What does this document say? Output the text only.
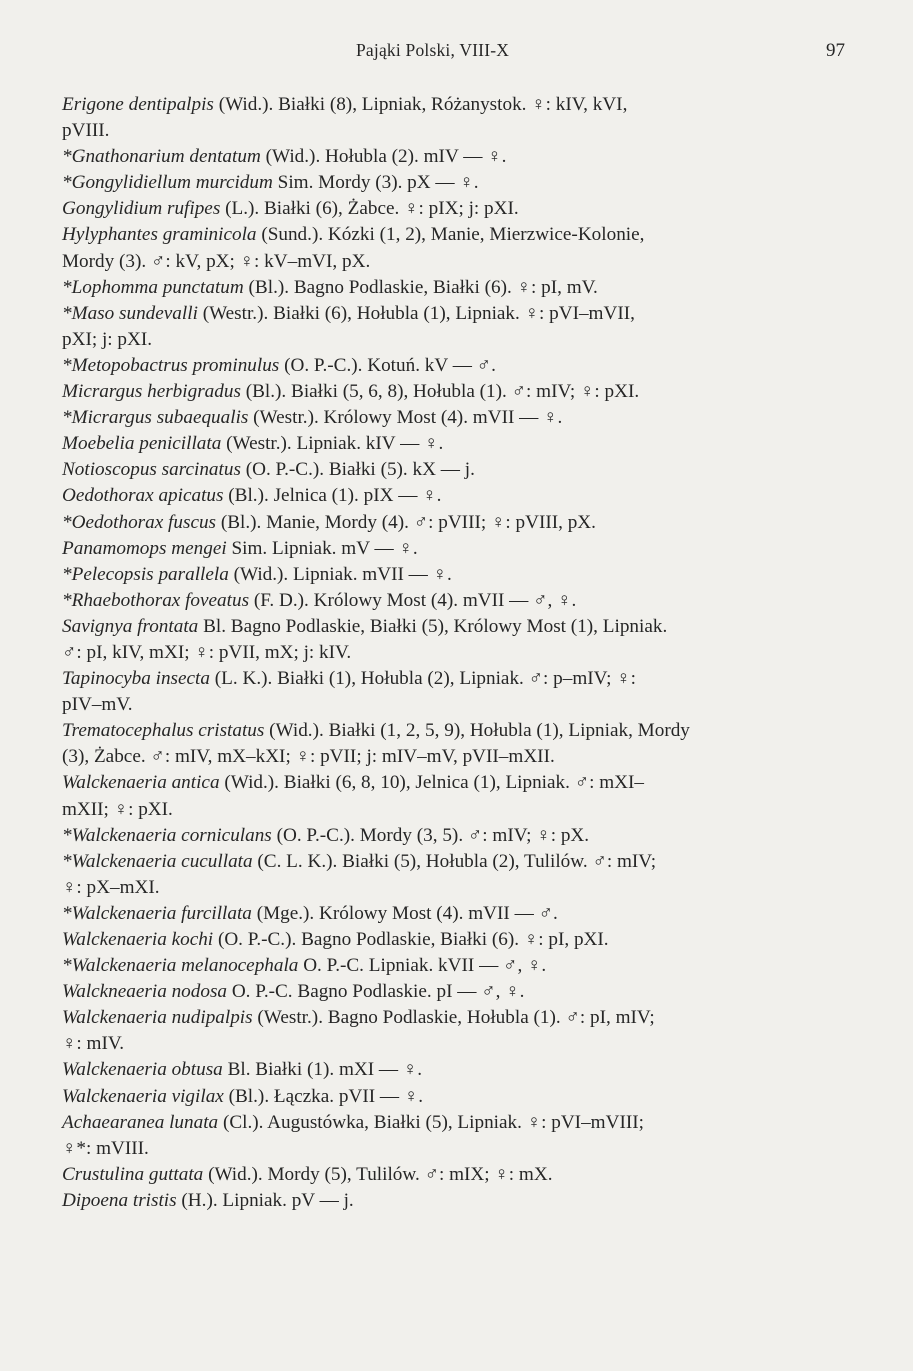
Pająki Polski, VIII-X	97

Erigone dentipalpis (Wid.). Białki (8), Lipniak, Różanystok. ♀: kIV, kVI,
pVIII.

*Gnathonarium dentatum (Wid.). Hołubla (2). mIV — ♀.

*Gongylidiellum murcidum Sim. Mordy (3). pX — ♀.

Gongylidium rufipes (L.). Białki (6), Żabce. ♀: pIX; j: pXI.

Hylyphantes graminicola (Sund.). Kózki (1, 2), Manie, Mierzwice-Kolonie,
Mordy (3). ♂: kV, pX; ♀: kV–mVI, pX.

*Lophomma punctatum (Bl.). Bagno Podlaskie, Białki (6). ♀: pI, mV.

*Maso sundevalli (Westr.). Białki (6), Hołubla (1), Lipniak. ♀: pVI–mVII,
pXI; j: pXI.

*Metopobactrus prominulus (O. P.-C.). Kotuń. kV — ♂.

Micrargus herbigradus (Bl.). Białki (5, 6, 8), Hołubla (1). ♂: mIV; ♀: pXI.

*Micrargus subaequalis (Westr.). Królowy Most (4). mVII — ♀.

Moebelia penicillata (Westr.). Lipniak. kIV — ♀.

Notioscopus sarcinatus (O. P.-C.). Białki (5). kX — j.

Oedothorax apicatus (Bl.). Jelnica (1). pIX — ♀.

*Oedothorax fuscus (Bl.). Manie, Mordy (4). ♂: pVIII; ♀: pVIII, pX.

Panamomops mengei Sim. Lipniak. mV — ♀.

*Pelecopsis parallela (Wid.). Lipniak. mVII — ♀.

*Rhaebothorax foveatus (F. D.). Królowy Most (4). mVII — ♂, ♀.

Savignya frontata Bl. Bagno Podlaskie, Białki (5), Królowy Most (1), Lipniak.
♂: pI, kIV, mXI; ♀: pVII, mX; j: kIV.

Tapinocyba insecta (L. K.). Białki (1), Hołubla (2), Lipniak. ♂: p–mIV; ♀:
pIV–mV.

Trematocephalus cristatus (Wid.). Białki (1, 2, 5, 9), Hołubla (1), Lipniak, Mordy
(3), Żabce. ♂: mIV, mX–kXI; ♀: pVII; j: mIV–mV, pVII–mXII.

Walckenaeria antica (Wid.). Białki (6, 8, 10), Jelnica (1), Lipniak. ♂: mXI–
mXII; ♀: pXI.

*Walckenaeria corniculans (O. P.-C.). Mordy (3, 5). ♂: mIV; ♀: pX.

*Walckenaeria cucullata (C. L. K.). Białki (5), Hołubla (2), Tulilów. ♂: mIV;
♀: pX–mXI.

*Walckenaeria furcillata (Mge.). Królowy Most (4). mVII — ♂.

Walckenaeria kochi (O. P.-C.). Bagno Podlaskie, Białki (6). ♀: pI, pXI.

*Walckenaeria melanocephala O. P.-C. Lipniak. kVII — ♂, ♀.

Walckneaeria nodosa O. P.-C. Bagno Podlaskie. pI — ♂, ♀.

Walckenaeria nudipalpis (Westr.). Bagno Podlaskie, Hołubla (1). ♂: pI, mIV;
♀: mIV.

Walckenaeria obtusa Bl. Białki (1). mXI — ♀.

Walckenaeria vigilax (Bl.). Łączka. pVII — ♀.

Achaearanea lunata (Cl.). Augustówka, Białki (5), Lipniak. ♀: pVI–mVIII;
♀*: mVIII.

Crustulina guttata (Wid.). Mordy (5), Tulilów. ♂: mIX; ♀: mX.

Dipoena tristis (H.). Lipniak. pV — j.
